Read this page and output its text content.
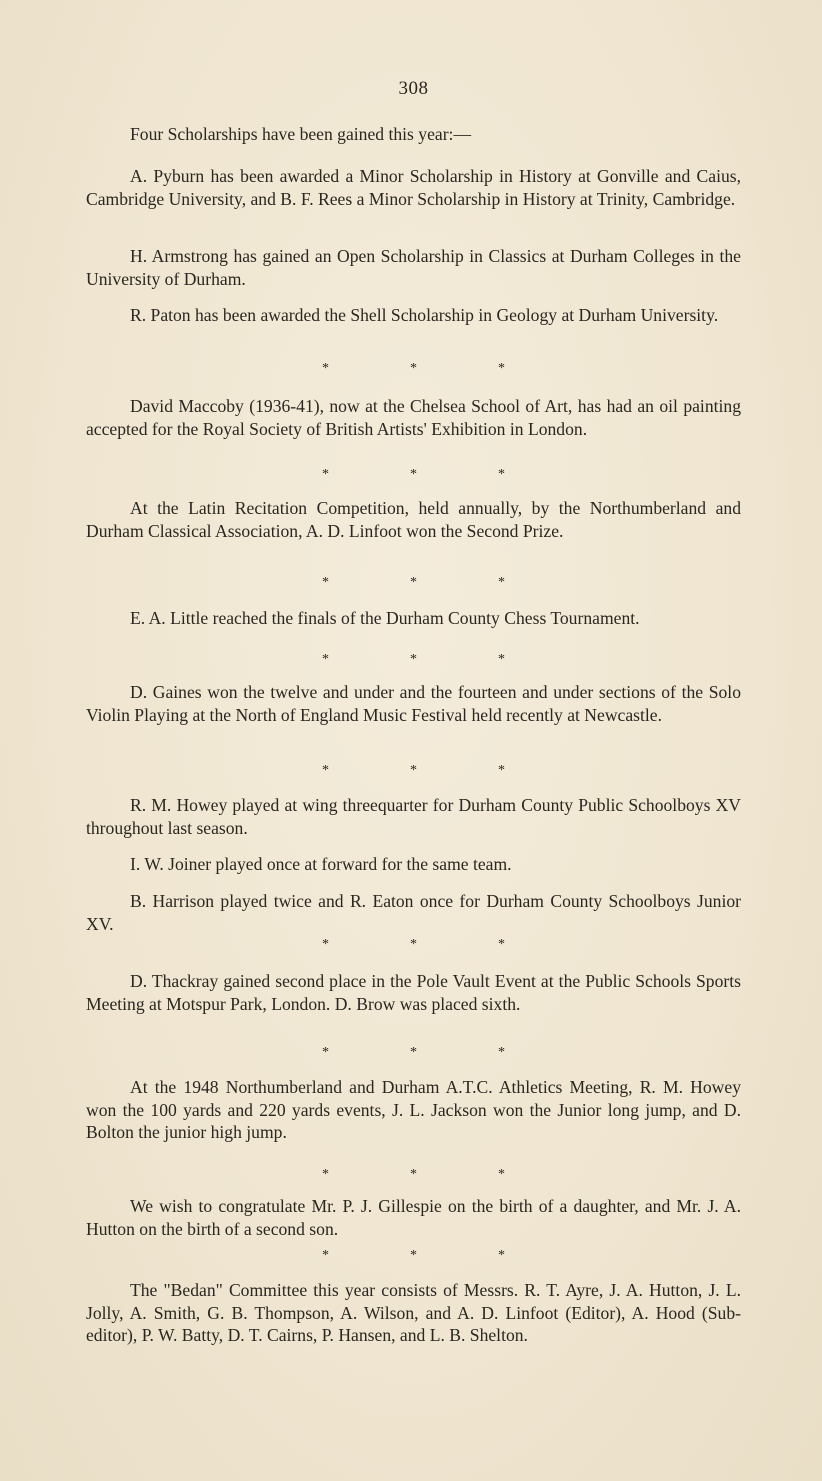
308

Four Scholarships have been gained this year:—

A. Pyburn has been awarded a Minor Scholarship in History at Gonville and Caius, Cambridge University, and B. F. Rees a Minor Scholarship in History at Trinity, Cambridge.

H. Armstrong has gained an Open Scholarship in Classics at Durham Colleges in the University of Durham.

R. Paton has been awarded the Shell Scholarship in Geology at Durham University.

*	*	*

David Maccoby (1936-41), now at the Chelsea School of Art, has had an oil painting accepted for the Royal Society of British Artists' Exhibition in London.

*	*	*

At the Latin Recitation Competition, held annually, by the Northumberland and Durham Classical Association, A. D. Linfoot won the Second Prize.

*	*	*

E. A. Little reached the finals of the Durham County Chess Tournament.

*	*	*

D. Gaines won the twelve and under and the fourteen and under sections of the Solo Violin Playing at the North of England Music Festival held recently at Newcastle.

*	*	*

R. M. Howey played at wing threequarter for Durham County Public Schoolboys XV throughout last season.

I. W. Joiner played once at forward for the same team.

B. Harrison played twice and R. Eaton once for Durham County Schoolboys Junior XV.

*	*	*

D. Thackray gained second place in the Pole Vault Event at the Public Schools Sports Meeting at Motspur Park, London. D. Brow was placed sixth.

*	*	*

At the 1948 Northumberland and Durham A.T.C. Athletics Meeting, R. M. Howey won the 100 yards and 220 yards events, J. L. Jackson won the Junior long jump, and D. Bolton the junior high jump.

*	*	*

We wish to congratulate Mr. P. J. Gillespie on the birth of a daughter, and Mr. J. A. Hutton on the birth of a second son.

*	*	*

The "Bedan" Committee this year consists of Messrs. R. T. Ayre, J. A. Hutton, J. L. Jolly, A. Smith, G. B. Thompson, A. Wilson, and A. D. Linfoot (Editor), A. Hood (Sub-editor), P. W. Batty, D. T. Cairns, P. Hansen, and L. B. Shelton.
